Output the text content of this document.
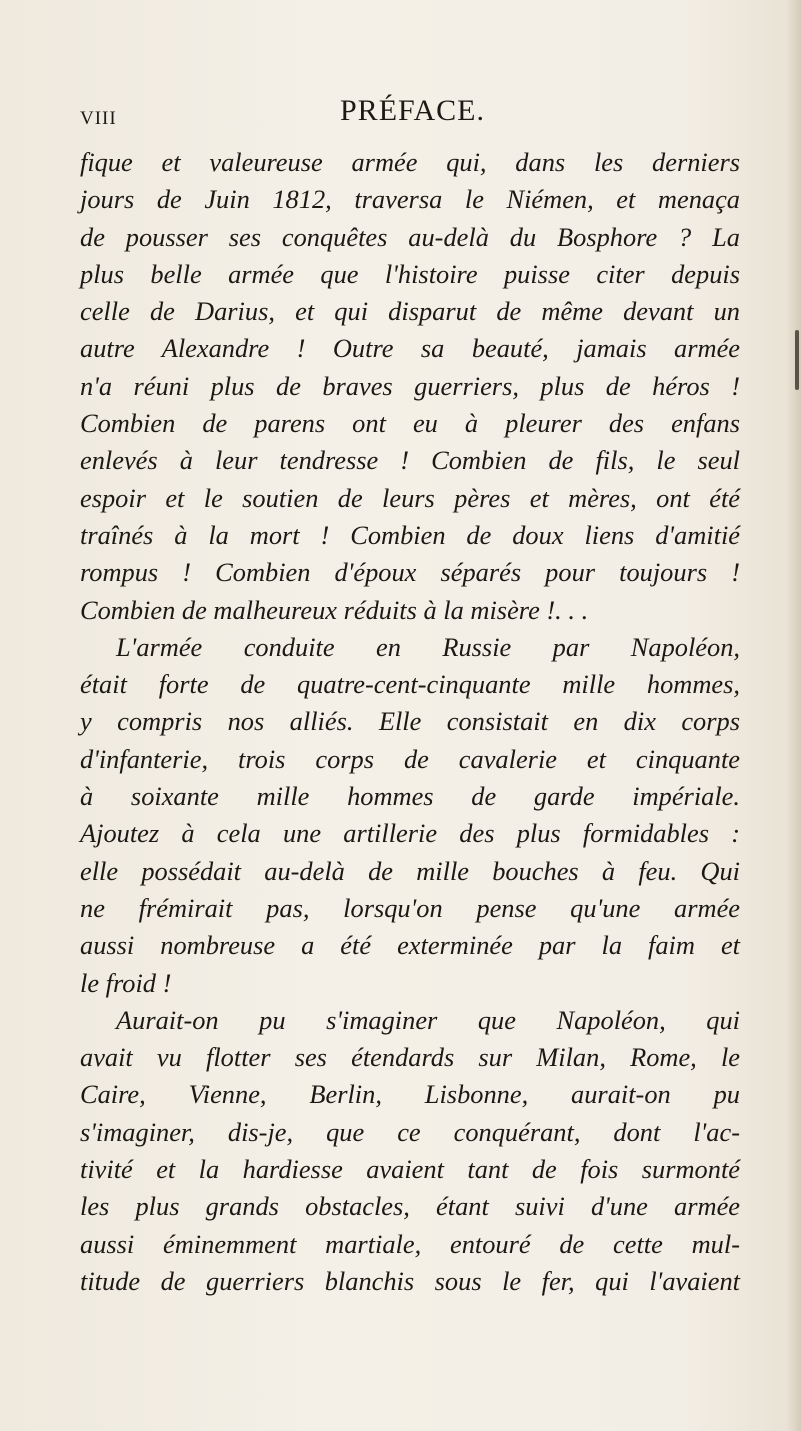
VIII	PRÉFACE.
fique et valeureuse armée qui, dans les derniers
jours de Juin 1812, traversa le Niémen, et menaça
de pousser ses conquêtes au-delà du Bosphore ? La
plus belle armée que l'histoire puisse citer depuis
celle de Darius, et qui disparut de même devant un
autre Alexandre ! Outre sa beauté, jamais armée
n'a réuni plus de braves guerriers, plus de héros !
Combien de parens ont eu à pleurer des enfans
enlevés à leur tendresse ! Combien de fils, le seul
espoir et le soutien de leurs pères et mères, ont été
traînés à la mort ! Combien de doux liens d'amitié
rompus ! Combien d'époux séparés pour toujours !
Combien de malheureux réduits à la misère !. . .
L'armée conduite en Russie par Napoléon,
était forte de quatre-cent-cinquante mille hommes,
y compris nos alliés. Elle consistait en dix corps
d'infanterie, trois corps de cavalerie et cinquante
à soixante mille hommes de garde impériale.
Ajoutez à cela une artillerie des plus formidables :
elle possédait au-delà de mille bouches à feu. Qui
ne frémirait pas, lorsqu'on pense qu'une armée
aussi nombreuse a été exterminée par la faim et
le froid !
Aurait-on pu s'imaginer que Napoléon, qui
avait vu flotter ses étendards sur Milan, Rome, le
Caire, Vienne, Berlin, Lisbonne, aurait-on pu
s'imaginer, dis-je, que ce conquérant, dont l'ac-
tivité et la hardiesse avaient tant de fois surmonté
les plus grands obstacles, étant suivi d'une armée
aussi éminemment martiale, entouré de cette mul-
titude de guerriers blanchis sous le fer, qui l'avaient
